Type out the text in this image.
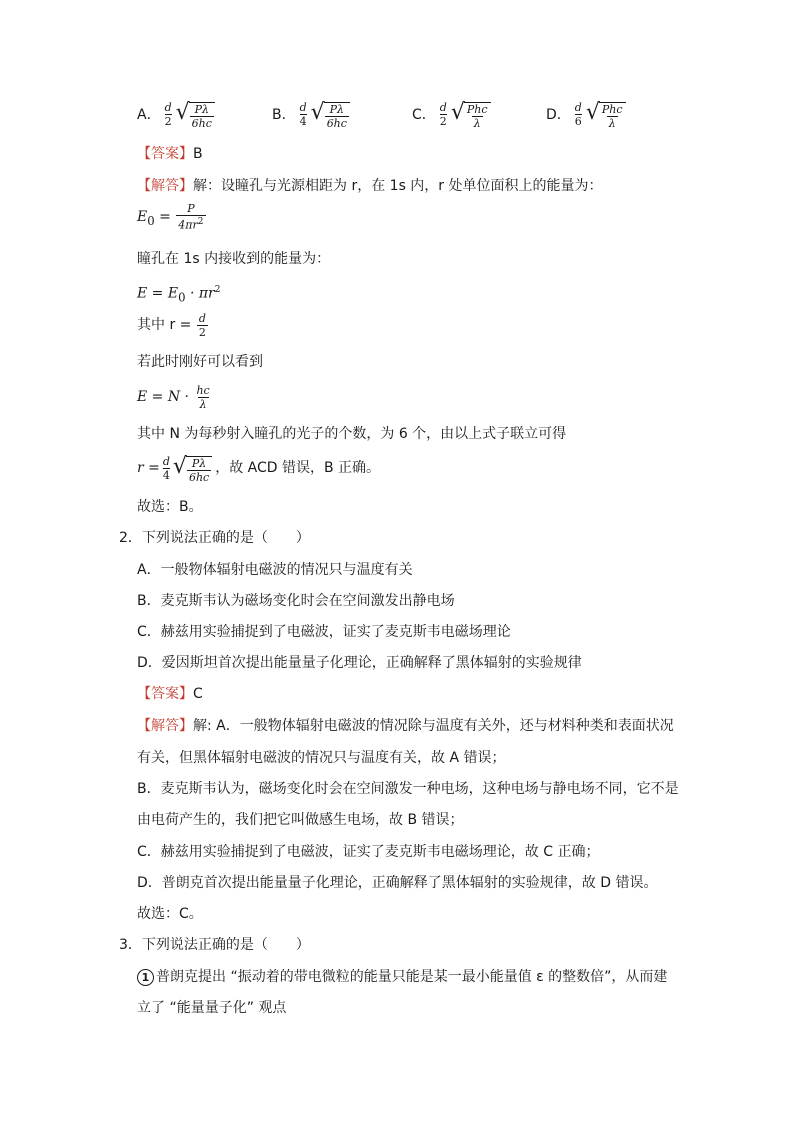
A． $\frac{d}{2}$ √ $\frac{P\lambda}{6hc}$	B． d
4 √ $\frac{P\lambda}{6hc}$	C． d
2 √ $\frac{\text{Phc}}{\lambda}$	D． d
6 √ $\frac{\text{Phc}}{\lambda}$
【答案】B
【解答】解：设瞳孔与光源相距为 r，在 1s 内，r 处单位面积上的能量为：
$E_0 = \frac{P}{4\pi r^2}$
瞳孔在 1s 内接收到的能量为：
$E = E_0 \cdot \pi r^2$
其中 $r = \frac{d}{2}$
若此时刚好可以看到
$E = N \cdot \frac{hc}{\lambda}$
其中 N 为每秒射入瞳孔的光子的个数，为 6 个，由以上式子联立可得
$r = \frac{d}{4}$ √ $\frac{P\lambda}{6hc}$ ，故 ACD 错误，B 正确。
故选：B。
2．下列说法正确的是（　　）
A．一般物体辐射电磁波的情况只与温度有关
B．麦克斯韦认为磁场变化时会在空间激发出静电场
C．赫兹用实验捕捉到了电磁波，证实了麦克斯韦电磁场理论
D．爱因斯坦首次提出能量量子化理论，正确解释了黑体辐射的实验规律
【答案】C
【解答】解: A．一般物体辐射电磁波的情况除与温度有关外，还与材料种类和表面状况
有关，但黑体辐射电磁波的情况只与温度有关，故 A 错误；
B．麦克斯韦认为，磁场变化时会在空间激发一种电场，这种电场与静电场不同，它不是
由电荷产生的，我们把它叫做感生电场，故 B 错误；
C．赫兹用实验捕捉到了电磁波，证实了麦克斯韦电磁场理论，故 C 正确；
D．普朗克首次提出能量量子化理论，正确解释了黑体辐射的实验规律，故 D 错误。
故选：C。
3．下列说法正确的是（　　）
1 普朗克提出 “振动着的带电微粒的能量只能是某一最小能量值 ε 的整数倍”，从而建
立了 “能量量子化” 观点
